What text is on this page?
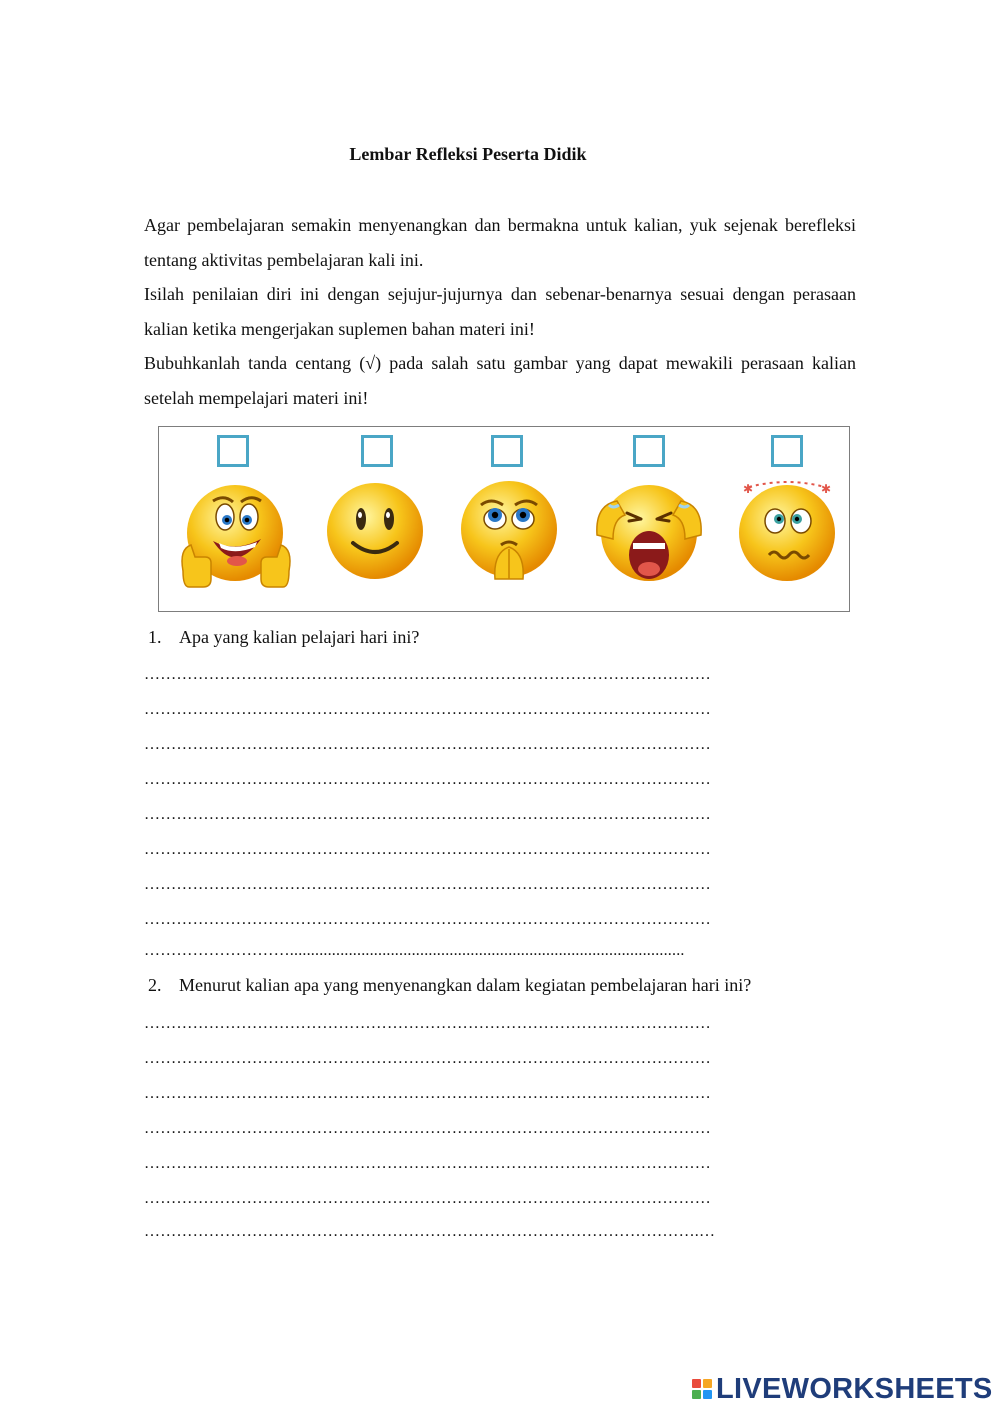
Lembar Refleksi Peserta Didik

Agar pembelajaran semakin menyenangkan dan bermakna untuk kalian, yuk sejenak berefleksi tentang aktivitas pembelajaran kali ini.

Isilah penilaian diri ini dengan sejujur-jujurnya dan sebenar-benarnya sesuai dengan perasaan kalian ketika mengerjakan suplemen bahan materi ini!

Bubuhkanlah tanda centang (√) pada salah satu gambar yang dapat mewakili perasaan kalian setelah mempelajari materi ini!

✱	✱
1. Apa yang kalian pelajari hari ini?
……………………………………………………………………………………………
……………………………………………………………………………………………
……………………………………………………………………………………………
……………………………………………………………………………………………
……………………………………………………………………………………………
……………………………………………………………………………………………
……………………………………………………………………………………………
……………………………………………………………………………………………
………………………..............................................................................................
2. Menurut kalian apa yang menyenangkan dalam kegiatan pembelajaran hari ini?
……………………………………………………………………………………………
……………………………………………………………………………………………
……………………………………………………………………………………………
……………………………………………………………………………………………
……………………………………………………………………………………………
……………………………………………………………………………………………
………………………………………………………………………………………….…
LIVEWORKSHEETS
